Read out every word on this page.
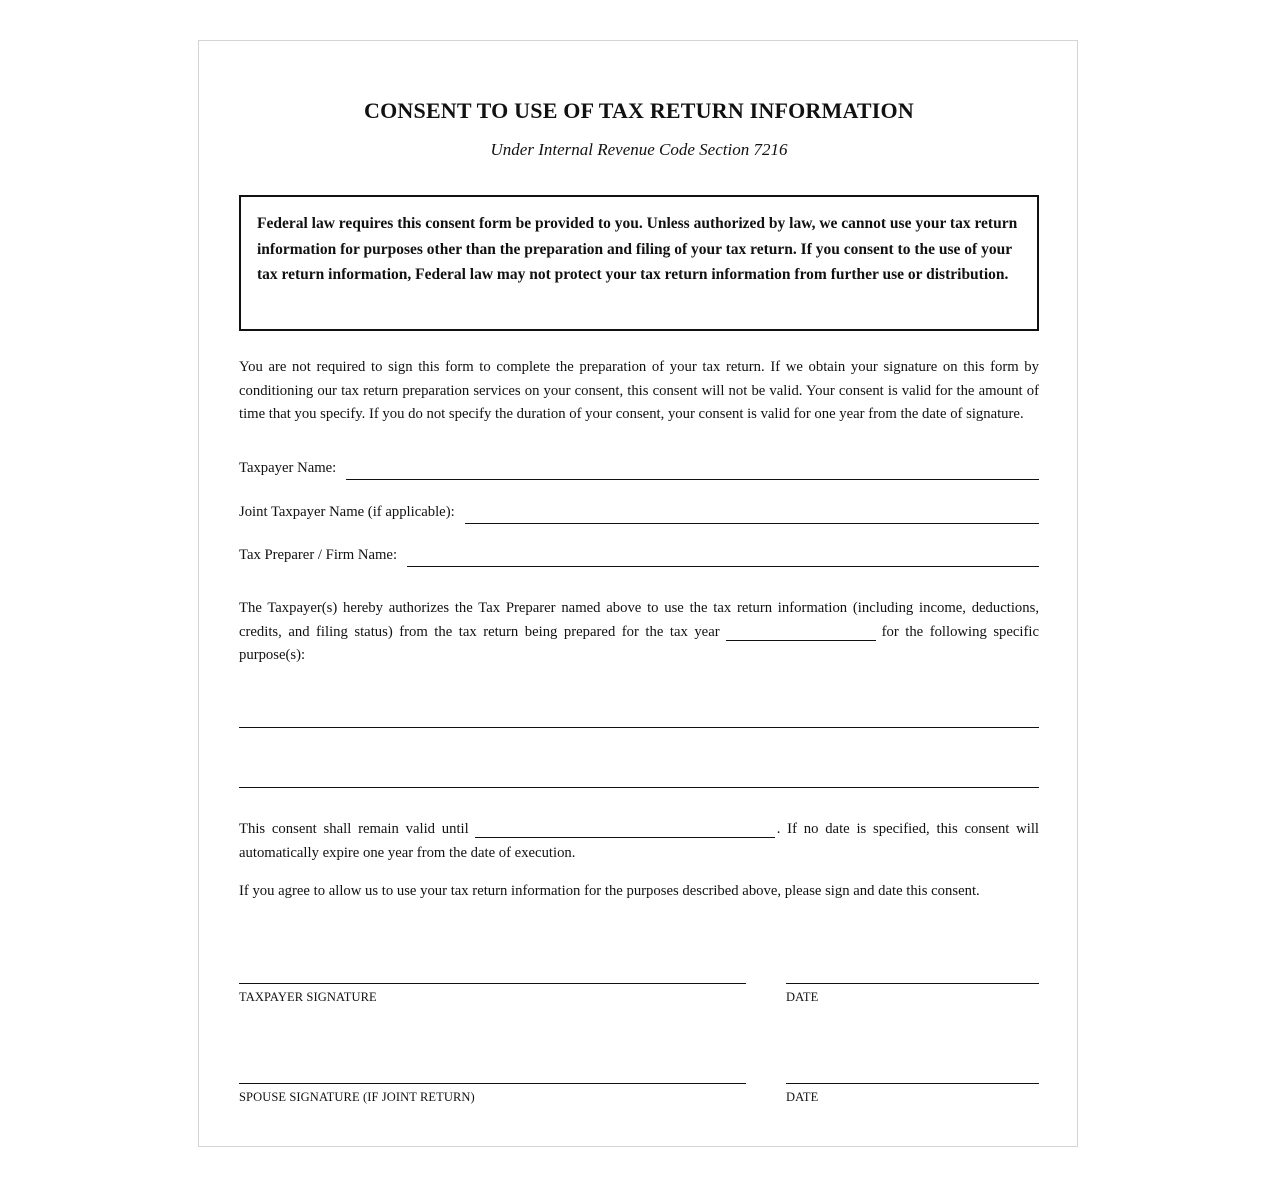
CONSENT TO USE OF TAX RETURN INFORMATION
Under Internal Revenue Code Section 7216
Federal law requires this consent form be provided to you. Unless authorized by law, we cannot use your tax return information for purposes other than the preparation and filing of your tax return. If you consent to the use of your tax return information, Federal law may not protect your tax return information from further use or distribution.
You are not required to sign this form to complete the preparation of your tax return. If we obtain your signature on this form by conditioning our tax return preparation services on your consent, this consent will not be valid. Your consent is valid for the amount of time that you specify. If you do not specify the duration of your consent, your consent is valid for one year from the date of signature.
Taxpayer Name:
Joint Taxpayer Name (if applicable):
Tax Preparer / Firm Name:
The Taxpayer(s) hereby authorizes the Tax Preparer named above to use the tax return information (including income, deductions, credits, and filing status) from the tax return being prepared for the tax year	for the following specific purpose(s):
This consent shall remain valid until	. If no date is specified, this consent will automatically expire one year from the date of execution.
If you agree to allow us to use your tax return information for the purposes described above, please sign and date this consent.
TAXPAYER SIGNATURE	DATE
SPOUSE SIGNATURE (IF JOINT RETURN)	DATE
